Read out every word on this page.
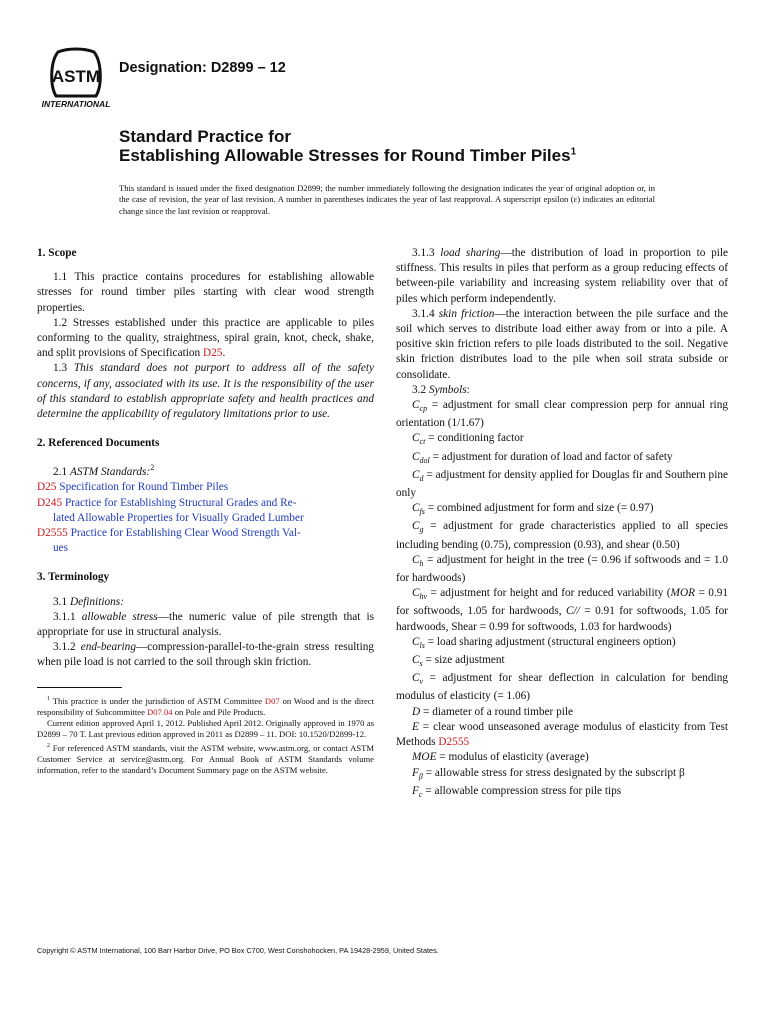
ASTM
INTERNATIONAL
Designation: D2899 – 12
Standard Practice for
Establishing Allowable Stresses for Round Timber Piles$^1$
This standard is issued under the fixed designation D2899; the number immediately following the designation indicates the year of original adoption or, in the case of revision, the year of last revision. A number in parentheses indicates the year of last reapproval. A superscript epsilon (ε) indicates an editorial change since the last revision or reapproval.

1. Scope

1.1 This practice contains procedures for establishing allowable stresses for round timber piles starting with clear wood strength properties.

1.2 Stresses established under this practice are applicable to piles conforming to the quality, straightness, spiral grain, knot, check, shake, and split provisions of Specification D25.

1.3 This standard does not purport to address all of the safety concerns, if any, associated with its use. It is the responsibility of the user of this standard to establish appropriate safety and health practices and determine the applicability of regulatory limitations prior to use.

2. Referenced Documents

2.1 ASTM Standards:$^2$

D25 Specification for Round Timber Piles

D245 Practice for Establishing Structural Grades and Re-

lated Allowable Properties for Visually Graded Lumber

D2555 Practice for Establishing Clear Wood Strength Val-

ues

3. Terminology

3.1 Definitions:

3.1.1 allowable stress—the numeric value of pile strength that is appropriate for use in structural analysis.

3.1.2 end-bearing—compression-parallel-to-the-grain stress resulting when pile load is not carried to the soil through skin friction.

$^1$ This practice is under the jurisdiction of ASTM Committee D07 on Wood and is the direct responsibility of Subcommittee D07.04 on Pole and Pile Products.

Current edition approved April 1, 2012. Published April 2012. Originally approved in 1970 as D2899 – 70 T. Last previous edition approved in 2011 as D2899 – 11. DOI: 10.1520/D2899-12.

$^2$ For referenced ASTM standards, visit the ASTM website, www.astm.org, or contact ASTM Customer Service at service@astm.org. For Annual Book of ASTM Standards volume information, refer to the standard’s Document Summary page on the ASTM website.

3.1.3 load sharing—the distribution of load in proportion to pile stiffness. This results in piles that perform as a group reducing effects of between-pile variability and increasing system reliability over that of piles which perform independently.

3.1.4 skin friction—the interaction between the pile surface and the soil which serves to distribute load either away from or into a pile. A positive skin friction refers to pile loads distributed to the soil. Negative skin friction distributes load to the pile when soil strata subside or consolidate.

3.2 Symbols:

$C_{cp}$ = adjustment for small clear compression perp for annual ring orientation (1/1.67)

$C_{ct}$ = conditioning factor

$C_{dol}$ = adjustment for duration of load and factor of safety

$C_d$ = adjustment for density applied for Douglas fir and Southern pine only

$C_{fs}$ = combined adjustment for form and size (= 0.97)

$C_g$ = adjustment for grade characteristics applied to all species including bending (0.75), compression (0.93), and shear (0.50)

$C_h$ = adjustment for height in the tree (= 0.96 if softwoods and = 1.0 for hardwoods)

$C_{hv}$ = adjustment for height and for reduced variability (MOR = 0.91 for softwoods, 1.05 for hardwoods, C// = 0.91 for softwoods, 1.05 for hardwoods, Shear = 0.99 for softwoods, 1.03 for hardwoods)

$C_{ls}$ = load sharing adjustment (structural engineers option)

$C_s$ = size adjustment

$C_v$ = adjustment for shear deflection in calculation for bending modulus of elasticity (= 1.06)

D = diameter of a round timber pile

E = clear wood unseasoned average modulus of elasticity from Test Methods D2555

MOE = modulus of elasticity (average)

$F_\beta$ = allowable stress for stress designated by the subscript β

$F_c$ = allowable compression stress for pile tips

Copyright © ASTM International, 100 Barr Harbor Drive, PO Box C700, West Conshohocken, PA 19428-2959, United States.
